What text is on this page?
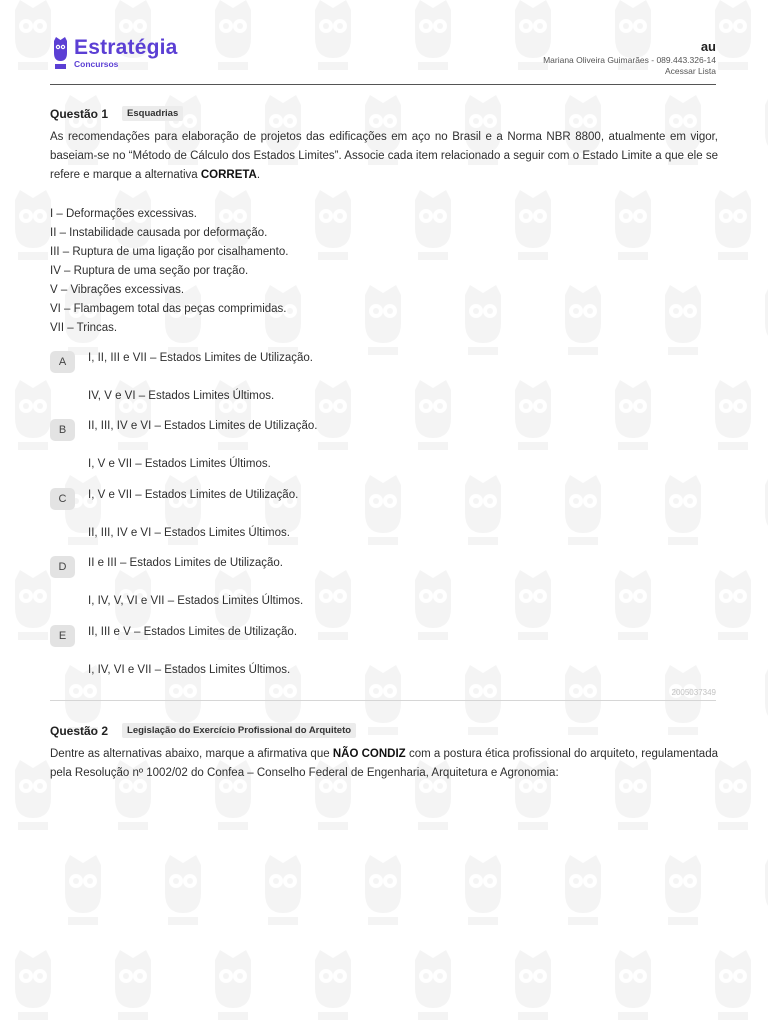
Estratégia
Concursos
au
Mariana Oliveira Guimarães - 089.443.326-14
Acessar Lista
Questão 1	Esquadrias
As recomendações para elaboração de projetos das edificações em aço no Brasil e a Norma NBR 8800, atualmente em vigor, baseiam-se no “Método de Cálculo dos Estados Limites”. Associe cada item relacionado a seguir com o Estado Limite a que ele se refere e marque a alternativa CORRETA.
I – Deformações excessivas.
II – Instabilidade causada por deformação.
III – Ruptura de uma ligação por cisalhamento.
IV – Ruptura de uma seção por tração.
V – Vibrações excessivas.
VI – Flambagem total das peças comprimidas.
VII – Trincas.
A	I, II, III e VII – Estados Limites de Utilização.
IV, V e VI – Estados Limites Últimos.
B	II, III, IV e VI – Estados Limites de Utilização.
I, V e VII – Estados Limites Últimos.
C	I, V e VII – Estados Limites de Utilização.
II, III, IV e VI – Estados Limites Últimos.
D	II e III – Estados Limites de Utilização.
I, IV, V, VI e VII – Estados Limites Últimos.
E	II, III e V – Estados Limites de Utilização.
I, IV, VI e VII – Estados Limites Últimos.
2005037349
Questão 2	Legislação do Exercício Profissional do Arquiteto
Dentre as alternativas abaixo, marque a afirmativa que NÃO CONDIZ com a postura ética profissional do arquiteto, regulamentada pela Resolução nº 1002/02 do Confea – Conselho Federal de Engenharia, Arquitetura e Agronomia:
